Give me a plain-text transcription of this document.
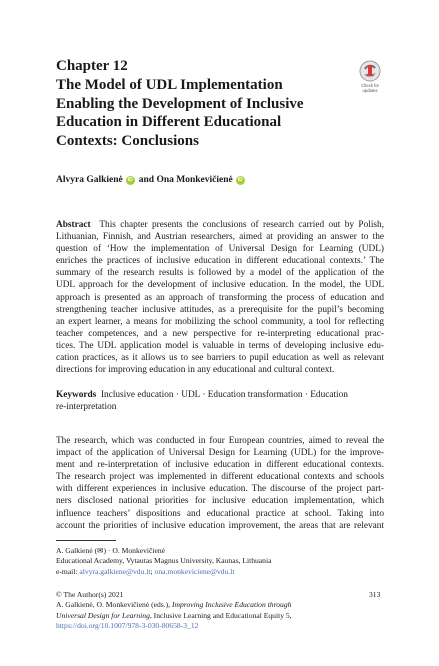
Chapter 12
The Model of UDL Implementation
Enabling the Development of Inclusive
Education in Different Educational
Contexts: Conclusions
Check for
updates
Alvyra Galkienė	iD and
Ona Monkevičienė	iD
Abstract This chapter presents the conclusions of research carried out by Polish,
Lithuanian, Finnish, and Austrian researchers, aimed at providing an answer to the
question of ‘How the implementation of Universal Design for Learning (UDL)
enriches the practices of inclusive education in different educational contexts.’ The
summary of the research results is followed by a model of the application of the
UDL approach for the development of inclusive education. In the model, the UDL
approach is presented as an approach of transforming the process of education and
strengthening teacher inclusive attitudes, as a prerequisite for the pupil’s becoming
an expert learner, a means for mobilizing the school community, a tool for reflecting
teacher competences, and a new perspective for re-interpreting educational prac-
tices. The UDL application model is valuable in terms of developing inclusive edu-
cation practices, as it allows us to see barriers to pupil education as well as relevant
directions for improving education in any educational and cultural context.
Keywords Inclusive education · UDL · Education transformation · Education
re-interpretation
The research, which was conducted in four European countries, aimed to reveal the
impact of the application of Universal Design for Learning (UDL) for the improve-
ment and re-interpretation of inclusive education in different educational contexts.
The research project was implemented in different educational contexts and schools
with different experiences in inclusive education. The discourse of the project part-
ners disclosed national priorities for inclusive education implementation, which
influence teachers’ dispositions and educational practice at school. Taking into
account the priorities of inclusive education improvement, the areas that are relevant
A. Galkienė (✉) · O. Monkevičienė
Educational Academy, Vytautas Magnus University, Kaunas, Lithuania
e-mail: alvyra.galkiene@vdu.lt; ona.monkeviciene@vdu.lt
© The Author(s) 2021
A. Galkienė, O. Monkevičienė (eds.), Improving Inclusive Education through
Universal Design for Learning, Inclusive Learning and Educational Equity 5,
https://doi.org/10.1007/978-3-030-80658-3_12
313
